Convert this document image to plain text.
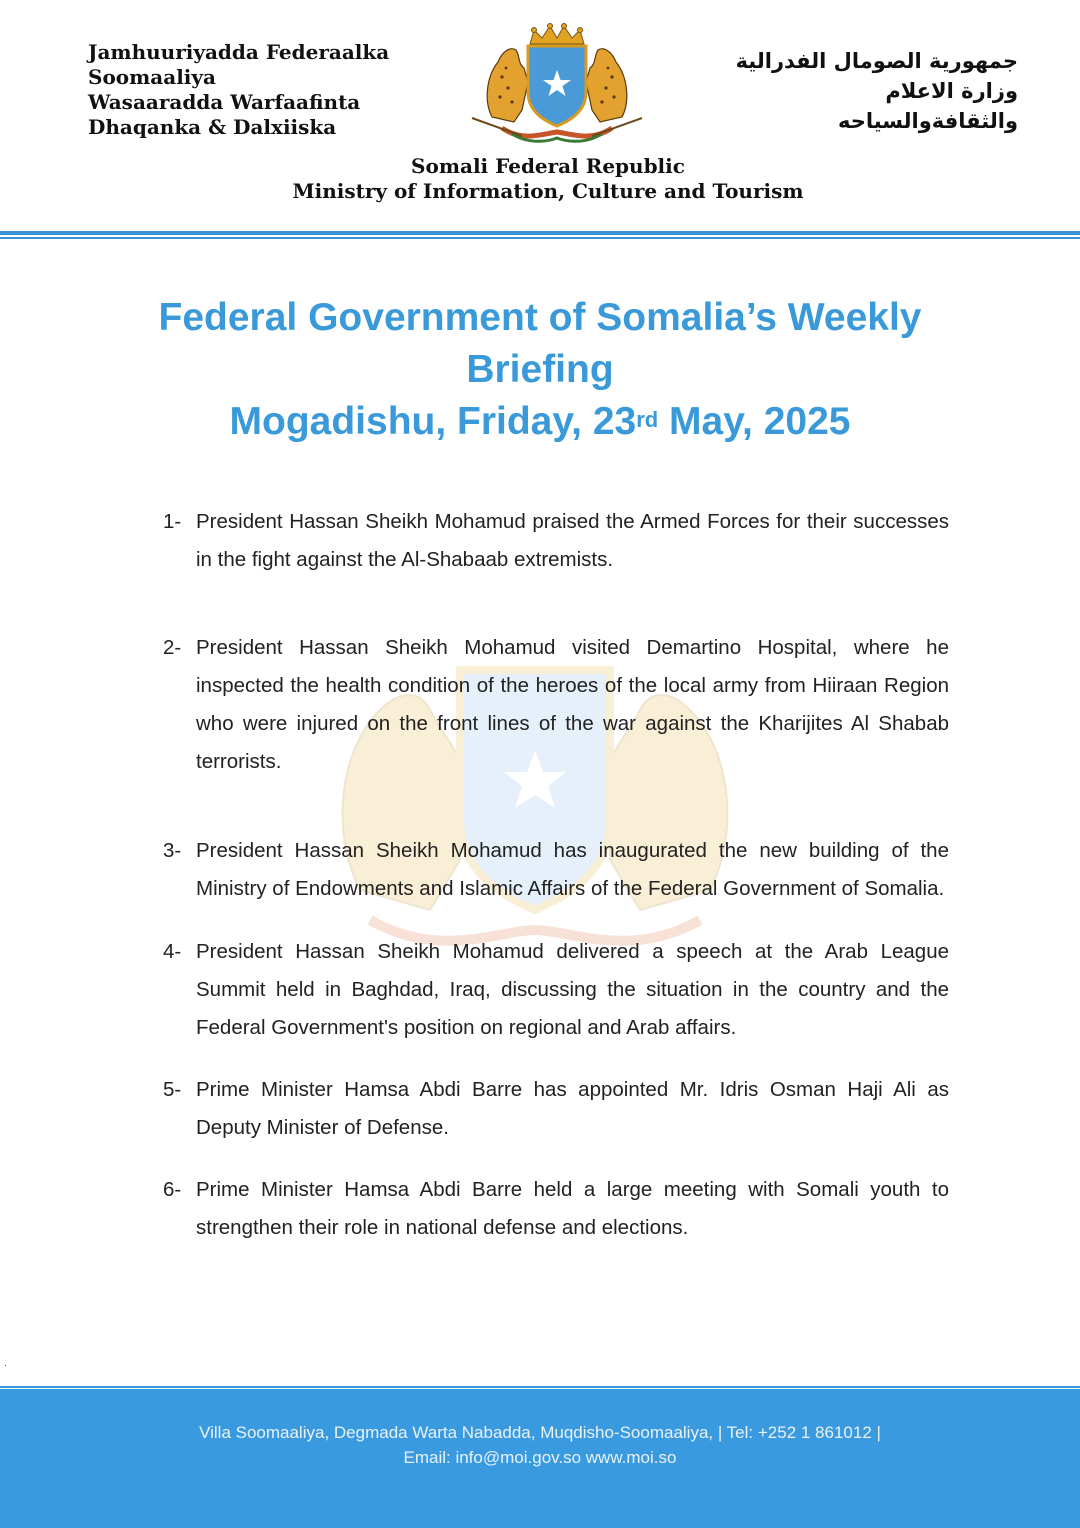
Jamhuuriyadda Federaalka
Soomaaliya
Wasaaradda Warfaafinta
Dhaqanka & Dalxiiska
جمهورية الصومال الفدرالية
وزارة الاعلام
والثقافةوالسياحه
Somali Federal Republic
Ministry of Information, Culture and Tourism
Federal Government of Somalia’s Weekly
Briefing
Mogadishu, Friday, 23rd May, 2025
1- President Hassan Sheikh Mohamud praised the Armed Forces for their successes in the fight against the Al-Shabaab extremists.
2- President Hassan Sheikh Mohamud visited Demartino Hospital, where he inspected the health condition of the heroes of the local army from Hiiraan Region who were injured on the front lines of the war against the Kharijites Al Shabab terrorists.
3- President Hassan Sheikh Mohamud has inaugurated the new building of the Ministry of Endowments and Islamic Affairs of the Federal Government of Somalia.
4- President Hassan Sheikh Mohamud delivered a speech at the Arab League Summit held in Baghdad, Iraq, discussing the situation in the country and the Federal Government's position on regional and Arab affairs.
5- Prime Minister Hamsa Abdi Barre has appointed Mr. Idris Osman Haji Ali as Deputy Minister of Defense.
6- Prime Minister Hamsa Abdi Barre held a large meeting with Somali youth to strengthen their role in national defense and elections.
.
Villa Soomaaliya, Degmada Warta Nabadda, Muqdisho-Soomaaliya, | Tel: +252 1 861012 |
Email: info@moi.gov.so www.moi.so
